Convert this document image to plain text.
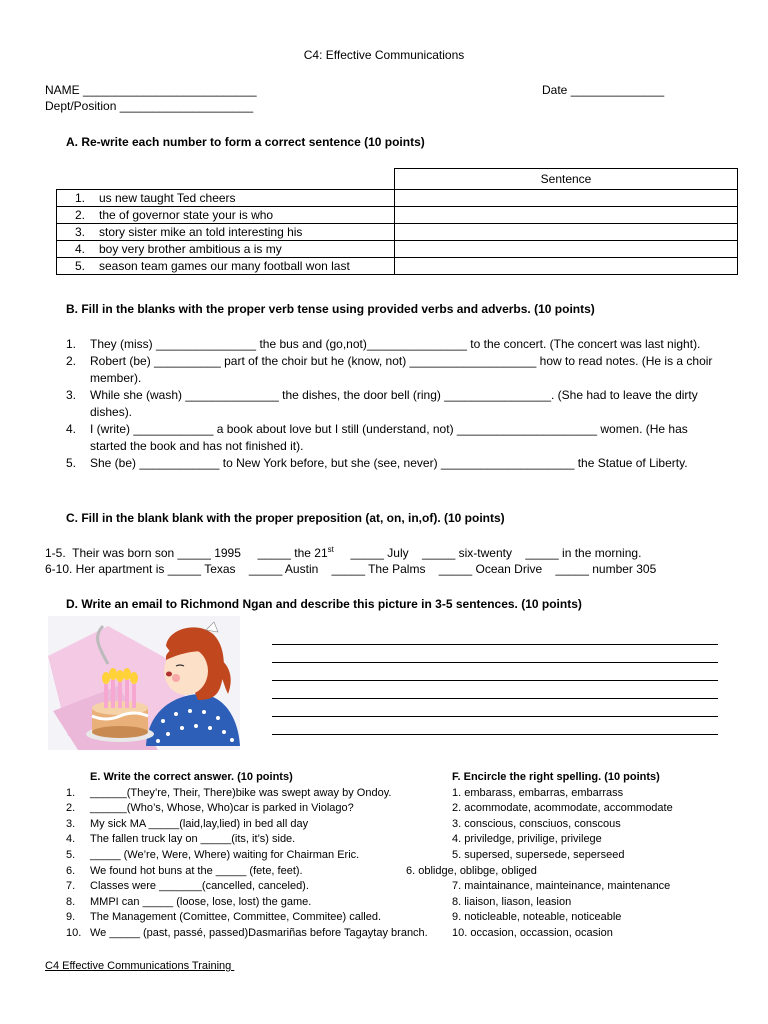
C4: Effective Communications
NAME __________________________	Date ______________
Dept/Position ____________________
A. Re-write each number to form a correct sentence (10 points)
	Sentence
1. us new taught Ted cheers	
2. the of governor state your is who	
3. story sister mike an told interesting his	
4. boy very brother ambitious a is my	
5. season team games our many football won last	
B. Fill in the blanks with the proper verb tense using provided verbs and adverbs. (10 points)
1. They (miss) _______________ the bus and (go,not)_______________ to the concert. (The concert was last night).
2. Robert (be) __________ part of the choir but he (know, not) ___________________ how to read notes. (He is a choir member).
3. While she (wash) ______________ the dishes, the door bell (ring) ________________. (She had to leave the dirty dishes).
4. I (write) ____________ a book about love but I still (understand, not) _____________________ women. (He has started the book and has not finished it).
5. She (be) ____________ to New York before, but she (see, never) ____________________ the Statue of Liberty.
C. Fill in the blank blank with the proper preposition (at, on, in,of). (10 points)
1-5.  Their was born son _____ 1995     _____ the 21st     _____ July    _____ six-twenty    _____ in the morning.
6-10. Her apartment is _____ Texas    _____ Austin    _____ The Palms    _____ Ocean Drive    _____ number 305
D. Write an email to Richmond Ngan and describe this picture in 3-5 sentences. (10 points)
E. Write the correct answer. (10 points)
1. ______(They’re, Their, There)bike was swept away by Ondoy.
2. ______(Who’s, Whose, Who)car is parked in Violago?
3. My sick MA _____(laid,lay,lied) in bed all day
4. The fallen truck lay on _____(its, it’s) side.
5. _____ (We’re, Were, Where) waiting for Chairman Eric.
6. We found hot buns at the _____ (fete, feet).
7. Classes were _______(cancelled, canceled).
8. MMPI can _____ (loose, lose, lost) the game.
9. The Management (Comittee, Committee, Commitee) called.
10. We _____ (past, passé, passed)Dasmariñas before Tagaytay branch.
F. Encircle the right spelling. (10 points)
1. embarass, embarras, embarrass
2. acommodate, acommodate, accommodate
3. conscious, consciuos, conscous
4. priviledge, privilige, privilege
5. supersed, supersede, seperseed
6. oblidge, oblibge, obliged
7. maintainance, mainteinance, maintenance
8. liaison, liason, leasion
9. noticleable, noteable, noticeable
10. occasion, occassion, ocasion
C4 Effective Communications Training
